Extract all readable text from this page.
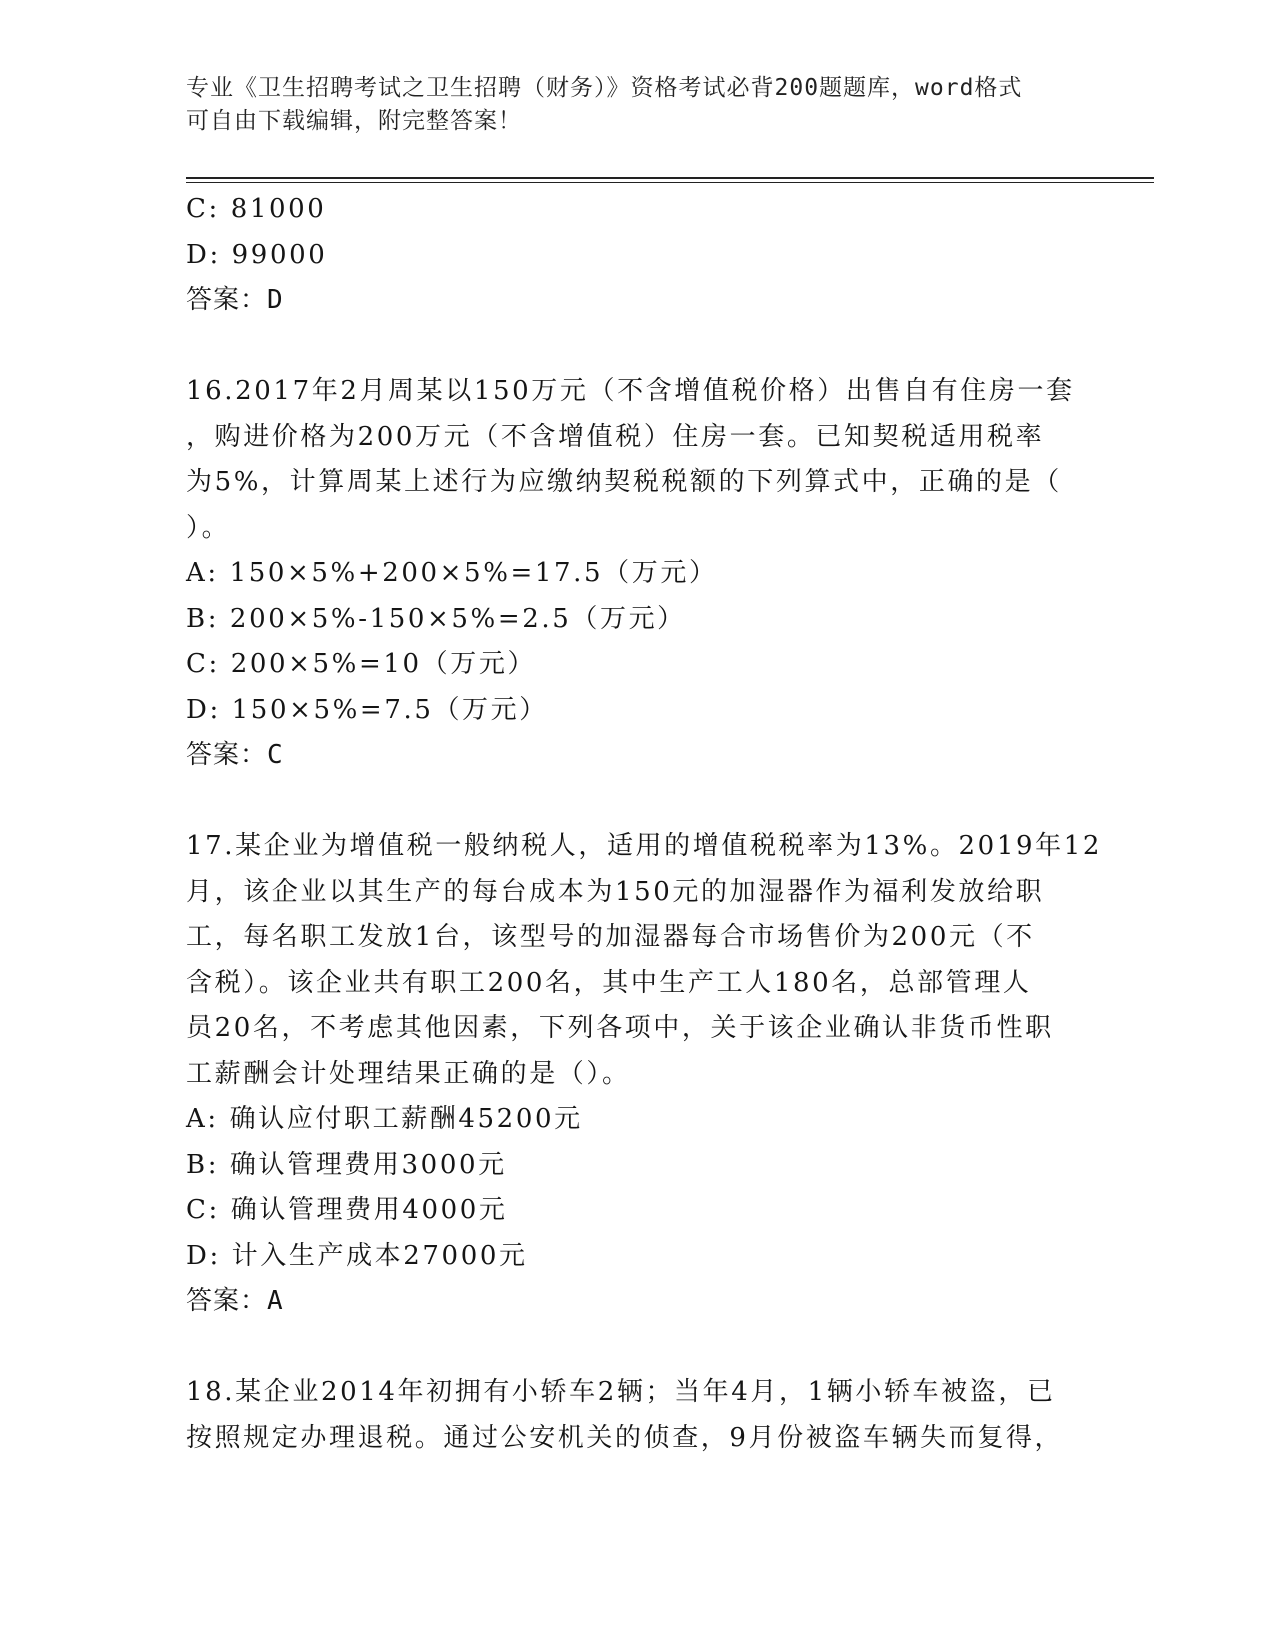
专业《卫生招聘考试之卫生招聘（财务）》资格考试必背200题题库，word格式
可自由下载编辑，附完整答案！
C: 81000
D: 99000
答案：D
16.2017年2月周某以150万元（不含增值税价格）出售自有住房一套
，购进价格为200万元（不含增值税）住房一套。已知契税适用税率
为5%，计算周某上述行为应缴纳契税税额的下列算式中，正确的是（
）。
A: 150×5%+200×5%=17.5（万元）
B: 200×5%-150×5%=2.5（万元）
C: 200×5%=10（万元）
D: 150×5%=7.5（万元）
答案：C
17.某企业为增值税一般纳税人，适用的增值税税率为13%。2019年12
月，该企业以其生产的每台成本为150元的加湿器作为福利发放给职
工，每名职工发放1台，该型号的加湿器每合市场售价为200元（不
含税）。该企业共有职工200名，其中生产工人180名，总部管理人
员20名，不考虑其他因素，下列各项中，关于该企业确认非货币性职
工薪酬会计处理结果正确的是（）。
A: 确认应付职工薪酬45200元
B: 确认管理费用3000元
C: 确认管理费用4000元
D: 计入生产成本27000元
答案：A
18.某企业2014年初拥有小轿车2辆；当年4月，1辆小轿车被盗，已
按照规定办理退税。通过公安机关的侦查，9月份被盗车辆失而复得，
